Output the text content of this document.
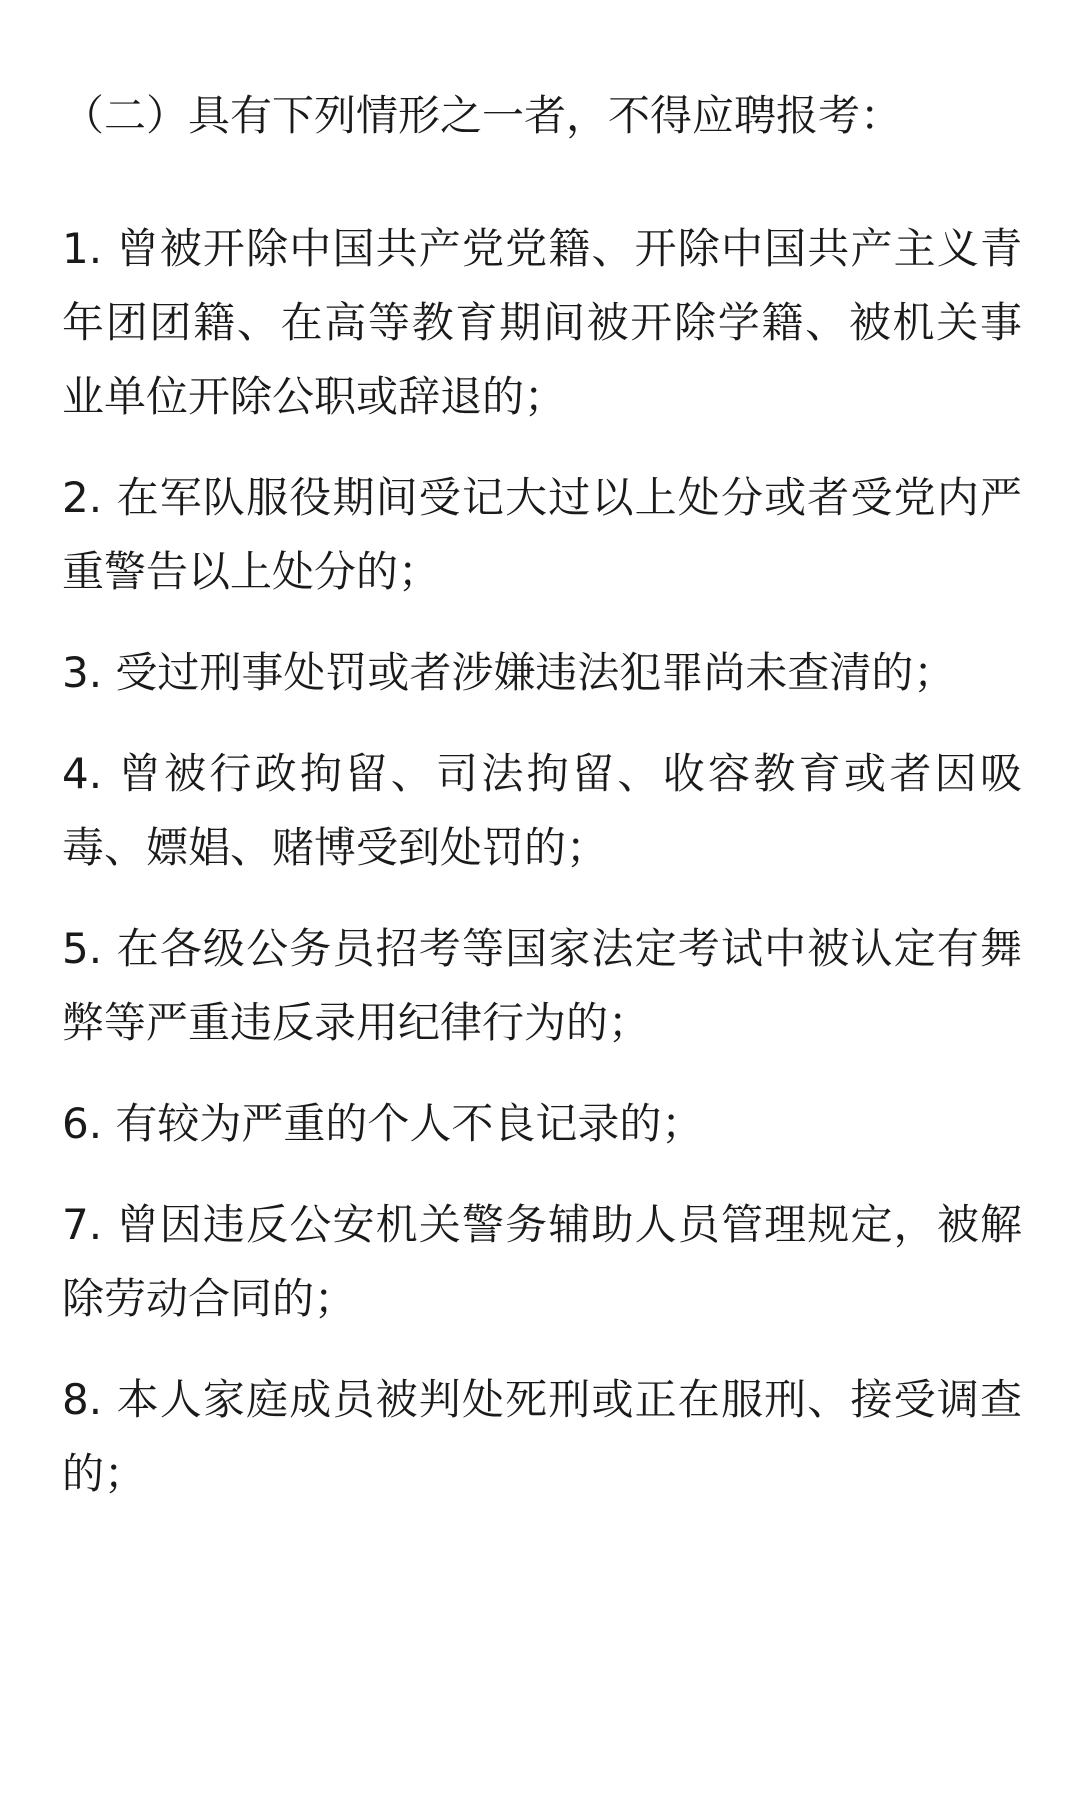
（二）具有下列情形之一者，不得应聘报考：
1. 曾被开除中国共产党党籍、开除中国共产主义青年团团籍、在高等教育期间被开除学籍、被机关事业单位开除公职或辞退的；
2. 在军队服役期间受记大过以上处分或者受党内严重警告以上处分的；
3. 受过刑事处罚或者涉嫌违法犯罪尚未查清的；
4. 曾被行政拘留、司法拘留、收容教育或者因吸毒、嫖娼、赌博受到处罚的；
5. 在各级公务员招考等国家法定考试中被认定有舞弊等严重违反录用纪律行为的；
6. 有较为严重的个人不良记录的；
7. 曾因违反公安机关警务辅助人员管理规定，被解除劳动合同的；
8. 本人家庭成员被判处死刑或正在服刑、接受调查的；
